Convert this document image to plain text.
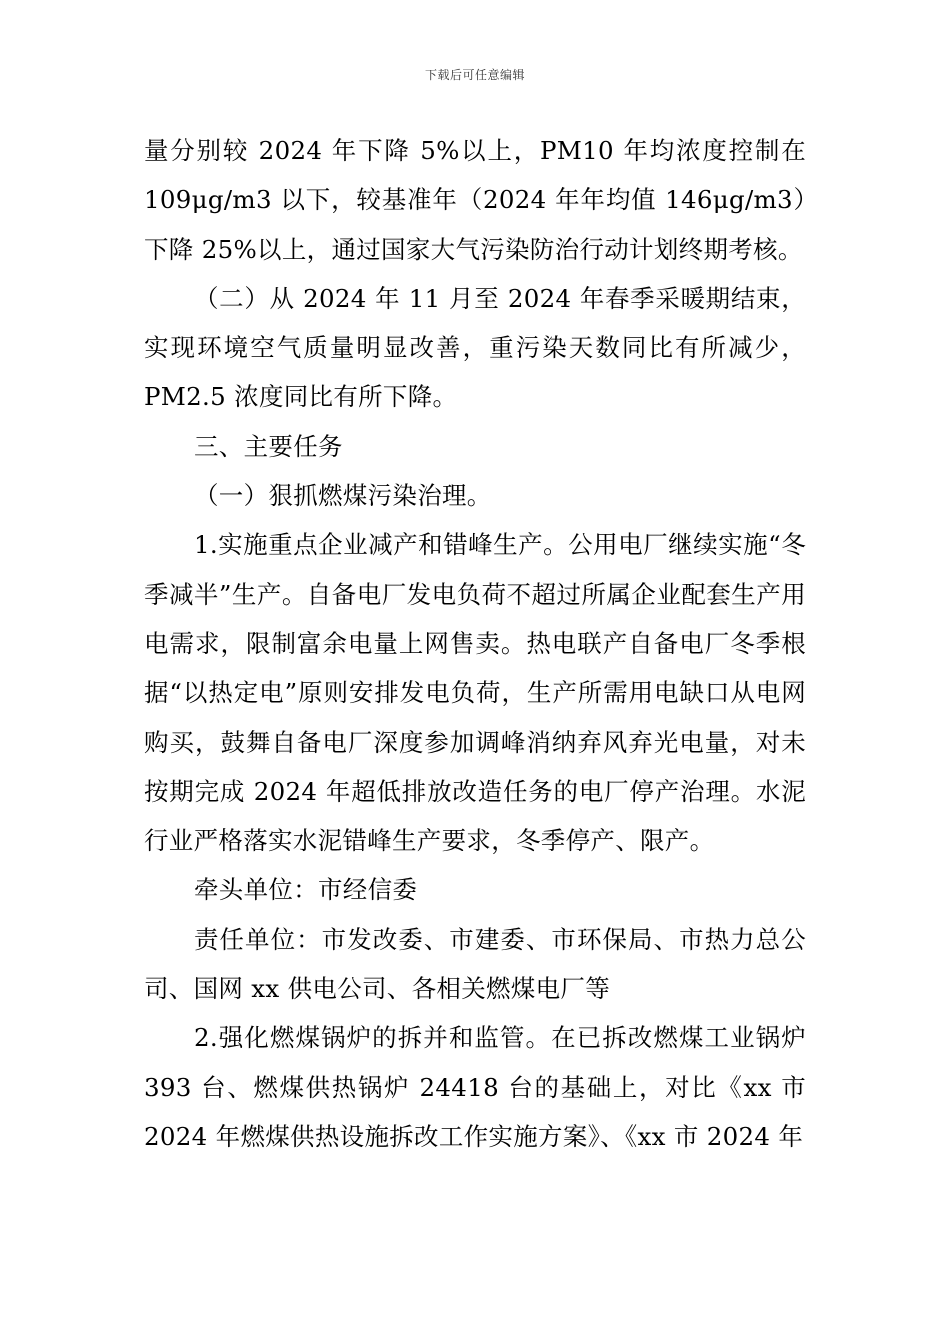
下载后可任意编辑

量分别较 2024 年下降 5%以上，PM10 年均浓度控制在 109μg/m3 以下，较基准年（2024 年年均值 146μg/m3）下降 25%以上，通过国家大气污染防治行动计划终期考核。

（二）从 2024 年 11 月至 2024 年春季采暖期结束，实现环境空气质量明显改善，重污染天数同比有所减少，PM2.5 浓度同比有所下降。

三、主要任务

（一）狠抓燃煤污染治理。

1.实施重点企业减产和错峰生产。公用电厂继续实施“冬季减半”生产。自备电厂发电负荷不超过所属企业配套生产用电需求，限制富余电量上网售卖。热电联产自备电厂冬季根据“以热定电”原则安排发电负荷，生产所需用电缺口从电网购买，鼓舞自备电厂深度参加调峰消纳弃风弃光电量，对未按期完成 2024 年超低排放改造任务的电厂停产治理。水泥行业严格落实水泥错峰生产要求，冬季停产、限产。

牵头单位：市经信委

责任单位：市发改委、市建委、市环保局、市热力总公司、国网 xx 供电公司、各相关燃煤电厂等

2.强化燃煤锅炉的拆并和监管。在已拆改燃煤工业锅炉 393 台、燃煤供热锅炉 24418 台的基础上，对比《xx 市 2024 年燃煤供热设施拆改工作实施方案》、《xx 市 2024 年
